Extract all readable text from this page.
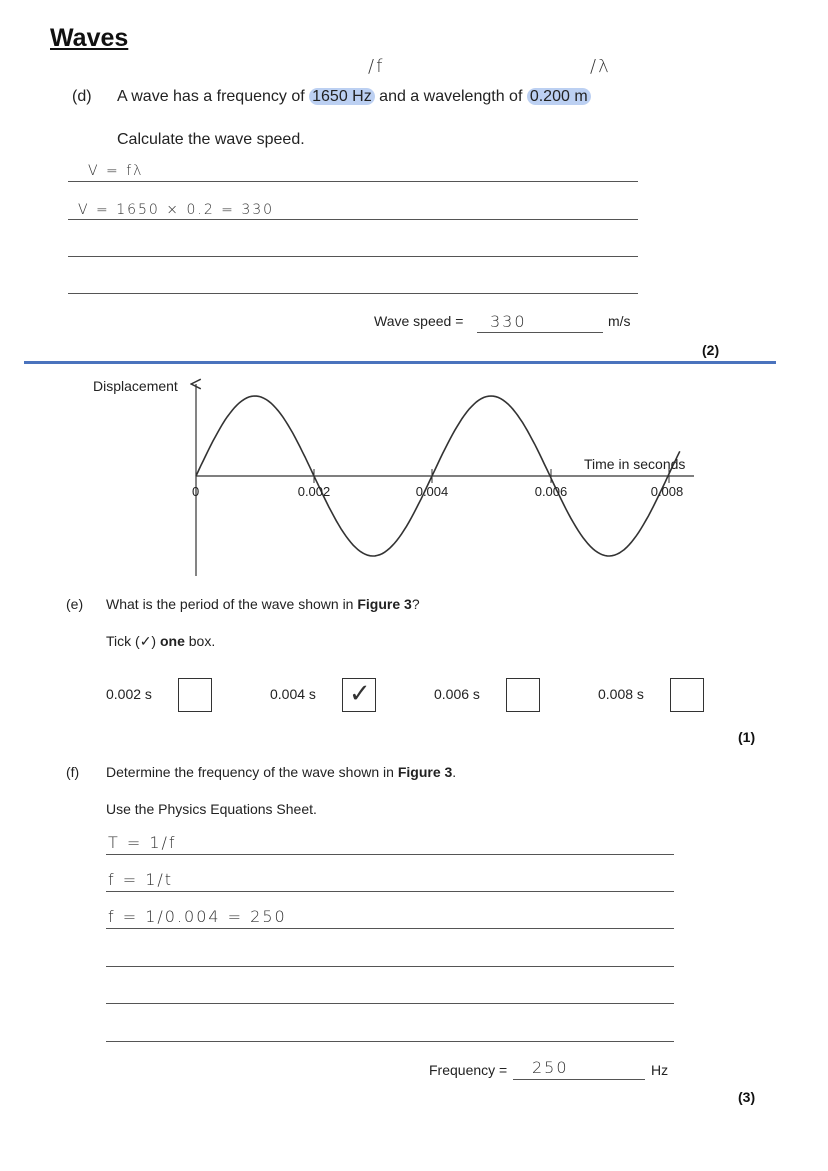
Waves
/f	/λ
(d) A wave has a frequency of 1650 Hz and a wavelength of 0.200 m
Calculate the wave speed.
V = fλ
V = 1650 × 0.2 = 330
Wave speed = 330	m/s
(2)
Displacement
Time in seconds
0	0.002	0.004	0.006	0.008
(e) What is the period of the wave shown in Figure 3?
Tick (✓) one box.
0.002 s	0.004 s ✓	0.006 s	0.008 s
(1)
(f) Determine the frequency of the wave shown in Figure 3.
Use the Physics Equations Sheet.
T = 1/f
f = 1/t
f = 1/0.004 = 250
Frequency = 250	Hz
(3)
